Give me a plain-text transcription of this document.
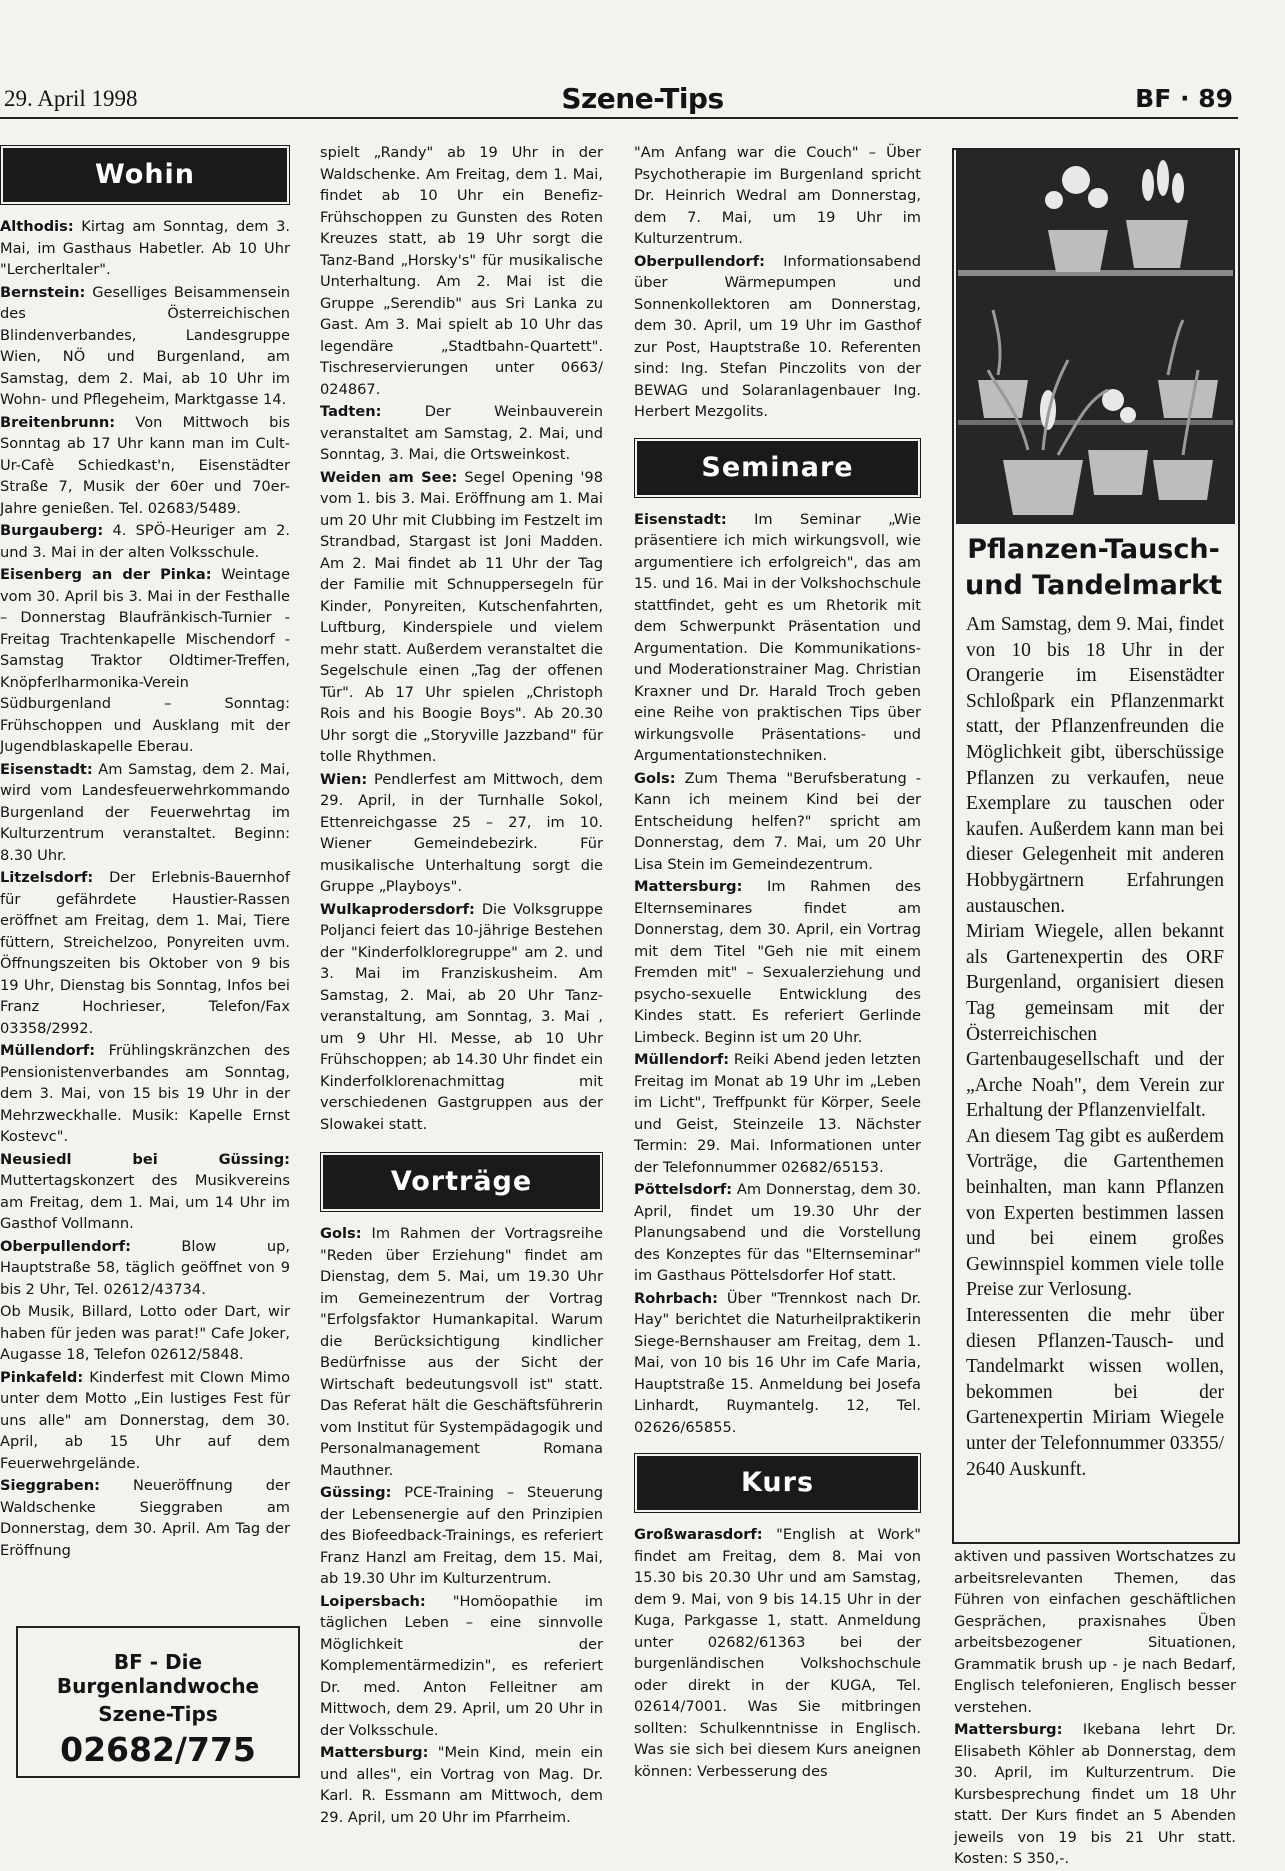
29. April 1998	Szene-Tips	BF · 89
Wohin

Althodis: Kirtag am Sonntag, dem 3. Mai, im Gasthaus Habetler. Ab 10 Uhr "Lercherltaler".

Bernstein: Geselliges Beisammensein des Österreichischen Blindenverbandes, Landesgruppe Wien, NÖ und Burgenland, am Samstag, dem 2. Mai, ab 10 Uhr im Wohn- und Pflegeheim, Marktgasse 14.

Breitenbrunn: Von Mittwoch bis Sonntag ab 17 Uhr kann man im Cult-Ur-Cafè Schiedkast'n, Eisenstädter Straße 7, Musik der 60er und 70er-Jahre genießen. Tel. 02683/5489.

Burgauberg: 4. SPÖ-Heuriger am 2. und 3. Mai in der alten Volksschule.

Eisenberg an der Pinka: Weintage vom 30. April bis 3. Mai in der Festhalle – Donnerstag Blaufränkisch-Turnier - Freitag Trachtenkapelle Mischendorf - Samstag Traktor Oldtimer-Treffen, Knöpferlharmonika-Verein Südburgenland – Sonntag: Frühschoppen und Ausklang mit der Jugendblaskapelle Eberau.

Eisenstadt: Am Samstag, dem 2. Mai, wird vom Landesfeuerwehrkommando Burgenland der Feuerwehrtag im Kulturzentrum veranstaltet. Beginn: 8.30 Uhr.

Litzelsdorf: Der Erlebnis-Bauernhof für gefährdete Haustier-Rassen eröffnet am Freitag, dem 1. Mai, Tiere füttern, Streichelzoo, Ponyreiten uvm. Öffnungszeiten bis Oktober von 9 bis 19 Uhr, Dienstag bis Sonntag, Infos bei Franz Hochrieser, Telefon/Fax 03358/2992.

Müllendorf: Frühlingskränzchen des Pensionistenverbandes am Sonntag, dem 3. Mai, von 15 bis 19 Uhr in der Mehrzweckhalle. Musik: Kapelle Ernst Kostevc".

Neusiedl bei Güssing: Muttertagskonzert des Musikvereins am Freitag, dem 1. Mai, um 14 Uhr im Gasthof Vollmann.

Oberpullendorf:	Blow up, Hauptstraße 58, täglich geöffnet von 9 bis 2 Uhr, Tel. 02612/43734.

Ob Musik, Billard, Lotto oder Dart, wir haben für jeden was parat!" Cafe Joker, Augasse 18, Telefon 02612/5848.

Pinkafeld: Kinderfest mit Clown Mimo unter dem Motto „Ein lustiges Fest für uns alle" am Donnerstag, dem 30. April, ab 15 Uhr auf dem Feuerwehrgelände.

Sieggraben: Neueröffnung der Waldschenke Sieggraben am Donnerstag, dem 30. April. Am Tag der Eröffnung

spielt „Randy" ab 19 Uhr in der Waldschenke. Am Freitag, dem 1. Mai, findet ab 10 Uhr ein Benefiz-Frühschoppen zu Gunsten des Roten Kreuzes statt, ab 19 Uhr sorgt die Tanz-Band „Horsky's" für musikalische Unterhaltung. Am 2. Mai ist die Gruppe „Serendib" aus Sri Lanka zu Gast. Am 3. Mai spielt ab 10 Uhr das legendäre „Stadtbahn-Quartett". Tischreservierungen unter 0663/ 024867.

Tadten:	Der Weinbauverein veranstaltet am Samstag, 2. Mai, und Sonntag, 3. Mai, die Ortsweinkost.

Weiden am See: Segel Opening '98 vom 1. bis 3. Mai. Eröffnung am 1. Mai um 20 Uhr mit Clubbing im Festzelt im Strandbad, Stargast ist Joni Madden. Am 2. Mai findet ab 11 Uhr der Tag der Familie mit Schnuppersegeln für Kinder, Ponyreiten, Kutschenfahrten, Luftburg, Kinderspiele und vielem mehr statt. Außerdem veranstaltet die Segelschule einen „Tag der offenen Tür". Ab 17 Uhr spielen „Christoph Rois and his Boogie Boys". Ab 20.30 Uhr sorgt die „Storyville Jazzband" für tolle Rhythmen.

Wien: Pendlerfest am Mittwoch, dem 29. April, in der Turnhalle Sokol, Ettenreichgasse 25 – 27, im 10. Wiener Gemeindebezirk. Für musikalische Unterhaltung sorgt die Gruppe „Playboys".

Wulkaprodersdorf: Die Volksgruppe Poljanci feiert das 10-jährige Bestehen der "Kinderfolkloregruppe" am 2. und 3. Mai im Franziskusheim. Am Samstag, 2. Mai, ab 20 Uhr Tanz-veranstaltung, am Sonntag, 3. Mai , um 9 Uhr Hl. Messe, ab 10 Uhr Frühschoppen; ab 14.30 Uhr findet ein Kinderfolklorenachmittag mit verschiedenen Gastgruppen aus der Slowakei statt.

Vorträge

Gols: Im Rahmen der Vortragsreihe "Reden über Erziehung" findet am Dienstag, dem 5. Mai, um 19.30 Uhr im Gemeinezentrum der Vortrag "Erfolgsfaktor Humankapital. Warum die Berücksichtigung kindlicher Bedürfnisse aus der Sicht der Wirtschaft bedeutungsvoll ist" statt. Das Referat hält die Geschäftsführerin vom Institut für Systempädagogik und Personalmanagement Romana Mauthner.

Güssing: PCE-Training – Steuerung der Lebensenergie auf den Prinzipien des Biofeedback-Trainings, es referiert Franz Hanzl am Freitag, dem 15. Mai, ab 19.30 Uhr im Kulturzentrum.

Loipersbach: "Homöopathie im täglichen Leben – eine sinnvolle Möglichkeit der Komplementärmedizin", es referiert Dr. med. Anton Felleitner am Mittwoch, dem 29. April, um 20 Uhr in der Volksschule.

Mattersburg: "Mein Kind, mein ein und alles", ein Vortrag von Mag. Dr. Karl. R. Essmann am Mittwoch, dem 29. April, um 20 Uhr im Pfarrheim.

"Am Anfang war die Couch" – Über Psychotherapie im Burgenland spricht Dr. Heinrich Wedral am Donnerstag, dem 7. Mai, um 19 Uhr im Kulturzentrum.

Oberpullendorf: Informationsabend über Wärmepumpen und Sonnenkollektoren am Donnerstag, dem 30. April, um 19 Uhr im Gasthof zur Post, Hauptstraße 10. Referenten sind: Ing. Stefan Pinczolits von der BEWAG und Solaranlagenbauer Ing. Herbert Mezgolits.

Seminare

Eisenstadt: Im Seminar „Wie präsentiere ich mich wirkungsvoll, wie argumentiere ich erfolgreich", das am 15. und 16. Mai in der Volkshochschule stattfindet, geht es um Rhetorik mit dem Schwerpunkt Präsentation und Argumentation. Die Kommunikations- und Moderationstrainer Mag. Christian Kraxner und Dr. Harald Troch geben eine Reihe von praktischen Tips über wirkungsvolle Präsentations- und Argumentationstechniken.

Gols: Zum Thema "Berufsberatung - Kann ich meinem Kind bei der Entscheidung helfen?" spricht am Donnerstag, dem 7. Mai, um 20 Uhr Lisa Stein im Gemeindezentrum.

Mattersburg: Im Rahmen des Elternseminares findet am Donnerstag, dem 30. April, ein Vortrag mit dem Titel "Geh nie mit einem Fremden mit" – Sexualerziehung und psycho-sexuelle Entwicklung des Kindes statt. Es referiert Gerlinde Limbeck. Beginn ist um 20 Uhr.

Müllendorf: Reiki Abend jeden letzten Freitag im Monat ab 19 Uhr im „Leben im Licht", Treffpunkt für Körper, Seele und Geist, Steinzeile 13. Nächster Termin: 29. Mai. Informationen unter der Telefonnummer 02682/65153.

Pöttelsdorf: Am Donnerstag, dem 30. April, findet um 19.30 Uhr der Planungsabend und die Vorstellung des Konzeptes für das "Elternseminar" im Gasthaus Pöttelsdorfer Hof statt.

Rohrbach: Über "Trennkost nach Dr. Hay" berichtet die Naturheilpraktikerin Siege-Bernshauser am Freitag, dem 1. Mai, von 10 bis 16 Uhr im Cafe Maria, Hauptstraße 15. Anmeldung bei Josefa Linhardt, Ruymantelg. 12, Tel. 02626/65855.

Kurs

Großwarasdorf: "English at Work" findet am Freitag, dem 8. Mai von 15.30 bis 20.30 Uhr und am Samstag, dem 9. Mai, von 9 bis 14.15 Uhr in der Kuga, Parkgasse 1, statt. Anmeldung unter 02682/61363 bei der burgenländischen Volkshochschule oder direkt in der KUGA, Tel. 02614/7001. Was Sie mitbringen sollten: Schulkenntnisse in Englisch. Was sie sich bei diesem Kurs aneignen können: Verbesserung des

Pflanzen-Tausch- und Tandelmarkt

Am Samstag, dem 9. Mai, findet von 10 bis 18 Uhr in der Orangerie im Eisenstädter Schloßpark ein Pflanzenmarkt statt, der Pflanzenfreunden die Möglichkeit gibt, überschüssige Pflanzen zu verkaufen, neue Exemplare zu tauschen oder kaufen. Außerdem kann man bei dieser Gelegenheit mit anderen Hobbygärtnern Erfahrungen austauschen.

Miriam Wiegele, allen bekannt als Gartenexpertin des ORF Burgenland, organisiert diesen Tag gemeinsam mit der Österreichischen Gartenbaugesellschaft und der „Arche Noah", dem Verein zur Erhaltung der Pflanzenvielfalt.

An diesem Tag gibt es außerdem Vorträge, die Gartenthemen beinhalten, man kann Pflanzen von Experten bestimmen lassen und bei einem großes Gewinnspiel kommen viele tolle Preise zur Verlosung.

Interessenten die mehr über diesen Pflanzen-Tausch- und Tandelmarkt wissen wollen, bekommen bei der Gartenexpertin Miriam Wiegele unter der Telefonnummer 03355/ 2640 Auskunft.

aktiven und passiven Wortschatzes zu arbeitsrelevanten Themen, das Führen von einfachen geschäftlichen Gesprächen, praxisnahes Üben arbeitsbezogener Situationen, Grammatik brush up - je nach Bedarf, Englisch telefonieren, Englisch besser verstehen.

Mattersburg: Ikebana lehrt Dr. Elisabeth Köhler ab Donnerstag, dem 30. April, im Kulturzentrum. Die Kursbesprechung findet um 18 Uhr statt. Der Kurs findet an 5 Abenden jeweils von 19 bis 21 Uhr statt. Kosten: S 350,-.

BF - Die Burgenlandwoche
Szene-Tips
02682/775
